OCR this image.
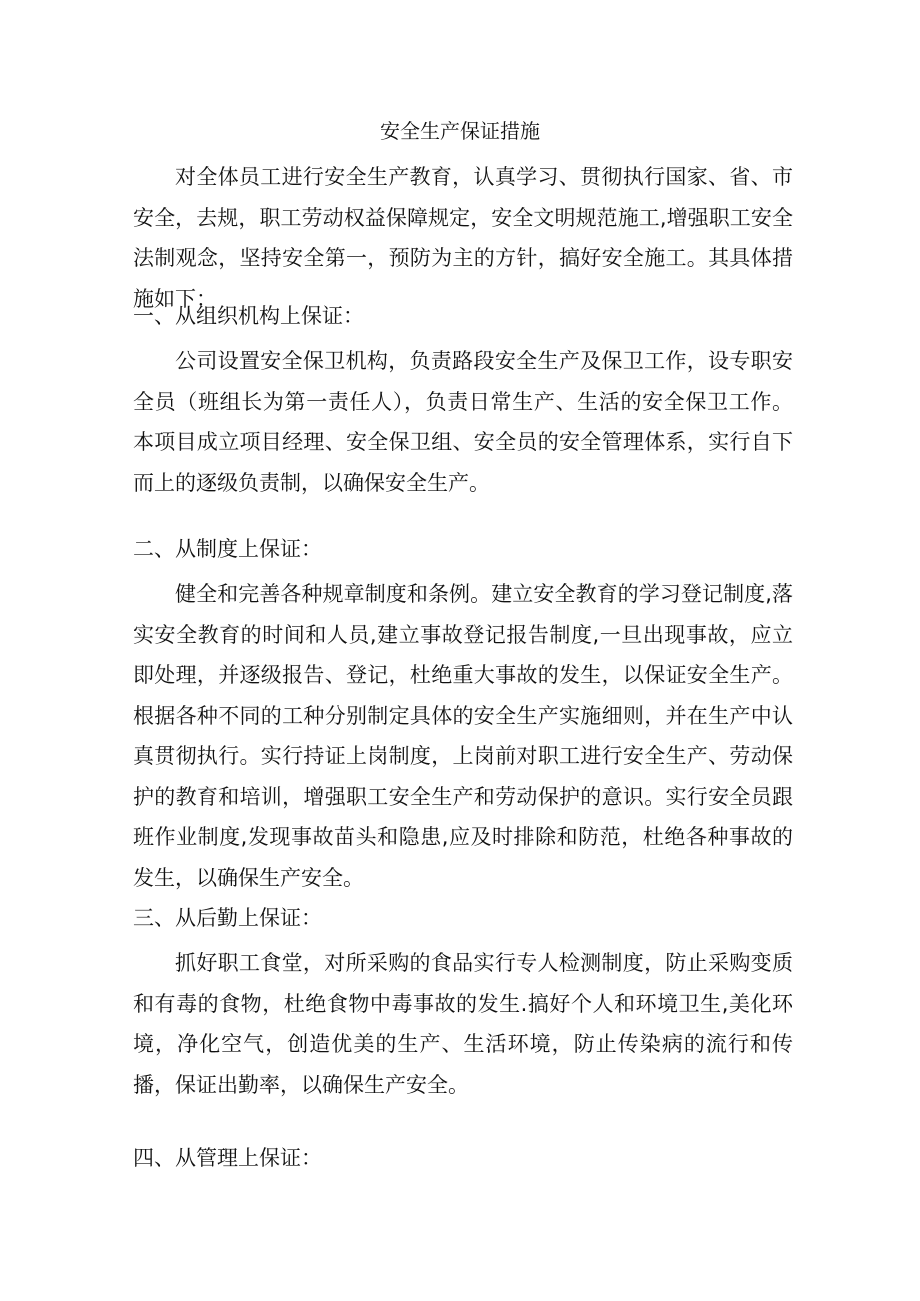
安全生产保证措施

对全体员工进行安全生产教育，认真学习、贯彻执行国家、省、市安全，去规，职工劳动权益保障规定，安全文明规范施工,增强职工安全法制观念，坚持安全第一，预防为主的方针，搞好安全施工。其具体措施如下：

一、从组织机构上保证：

公司设置安全保卫机构，负责路段安全生产及保卫工作，设专职安全员（班组长为第一责任人），负责日常生产、生活的安全保卫工作。本项目成立项目经理、安全保卫组、安全员的安全管理体系，实行自下而上的逐级负责制，以确保安全生产。

二、从制度上保证：

健全和完善各种规章制度和条例。建立安全教育的学习登记制度,落实安全教育的时间和人员,建立事故登记报告制度,一旦出现事故，应立即处理，并逐级报告、登记，杜绝重大事故的发生，以保证安全生产。根据各种不同的工种分别制定具体的安全生产实施细则，并在生产中认真贯彻执行。实行持证上岗制度，上岗前对职工进行安全生产、劳动保护的教育和培训，增强职工安全生产和劳动保护的意识。实行安全员跟班作业制度,发现事故苗头和隐患,应及时排除和防范，杜绝各种事故的发生，以确保生产安全。

三、从后勤上保证：

抓好职工食堂，对所采购的食品实行专人检测制度，防止采购变质和有毒的食物，杜绝食物中毒事故的发生.搞好个人和环境卫生,美化环境，净化空气，创造优美的生产、生活环境，防止传染病的流行和传播，保证出勤率，以确保生产安全。

四、从管理上保证：
